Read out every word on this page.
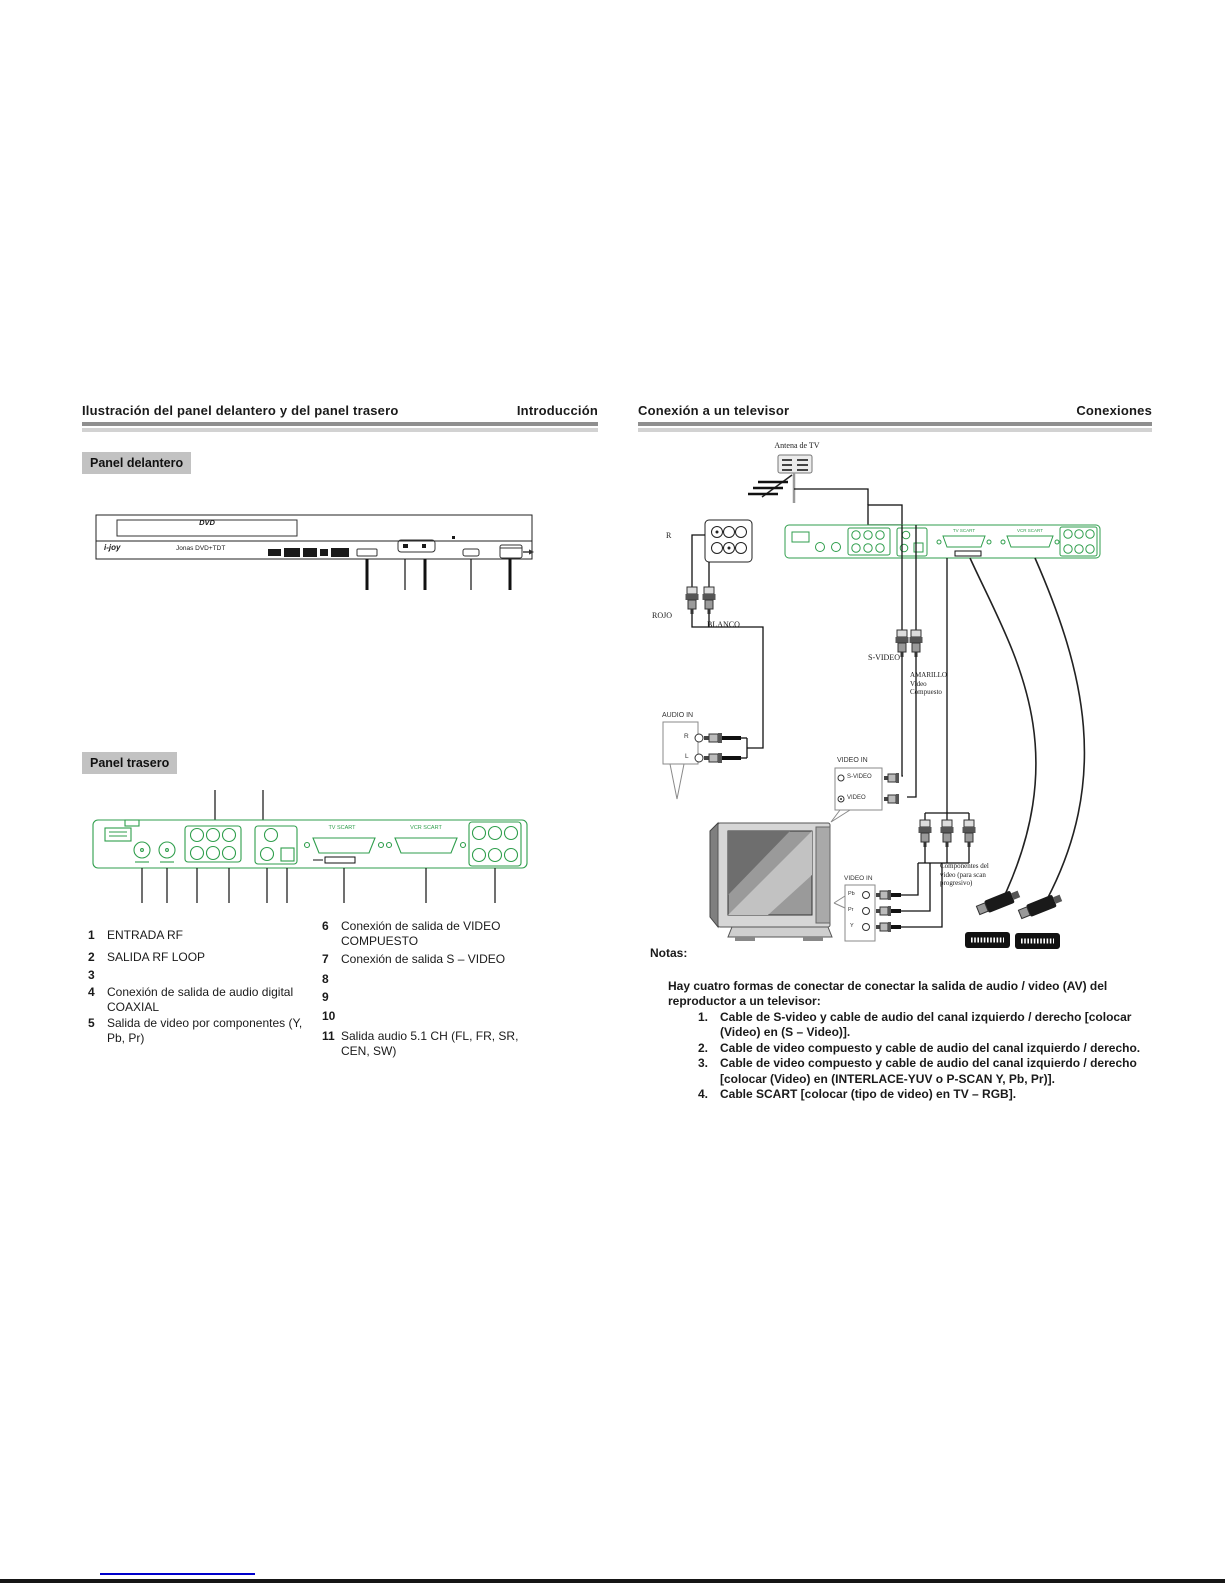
Ilustración del panel delantero y del panel trasero	Introducción
Panel delantero
DVD
i-joy	Jonas DVD+TDT
Panel trasero
TV SCART	VCR SCART
1	ENTRADA RF
2	SALIDA RF LOOP
3
4	Conexión de salida de audio digital COAXIAL
5	Salida de video por componentes (Y, Pb, Pr)
6	Conexión de salida de VIDEO COMPUESTO
7	Conexión de salida S – VIDEO
8
9
10
11 Salida audio 5.1 CH (FL, FR, SR, CEN, SW)
Conexión a un televisor	Conexiones
Antena de TV
R
ROJO
BLANCO
S-VIDEO
AMARILLO
Video
Compuesto
AUDIO IN
R
L
VIDEO IN
S-VIDEO
VIDEO
VIDEO IN
Pb
Pr
Y
Componentes del video (para scan progresivo)
TV SCART	VCR SCART
Notas:
Hay cuatro formas de conectar de conectar la salida de audio / video (AV) del reproductor a un televisor:
1. Cable de S-video y cable de audio del canal izquierdo / derecho [colocar (Video) en (S – Video)].
2. Cable de video compuesto y cable de audio del canal izquierdo / derecho.
3. Cable de video compuesto y cable de audio del canal izquierdo / derecho [colocar (Video) en (INTERLACE-YUV o P-SCAN Y, Pb, Pr)].
4. Cable SCART [colocar (tipo de video) en TV – RGB].
